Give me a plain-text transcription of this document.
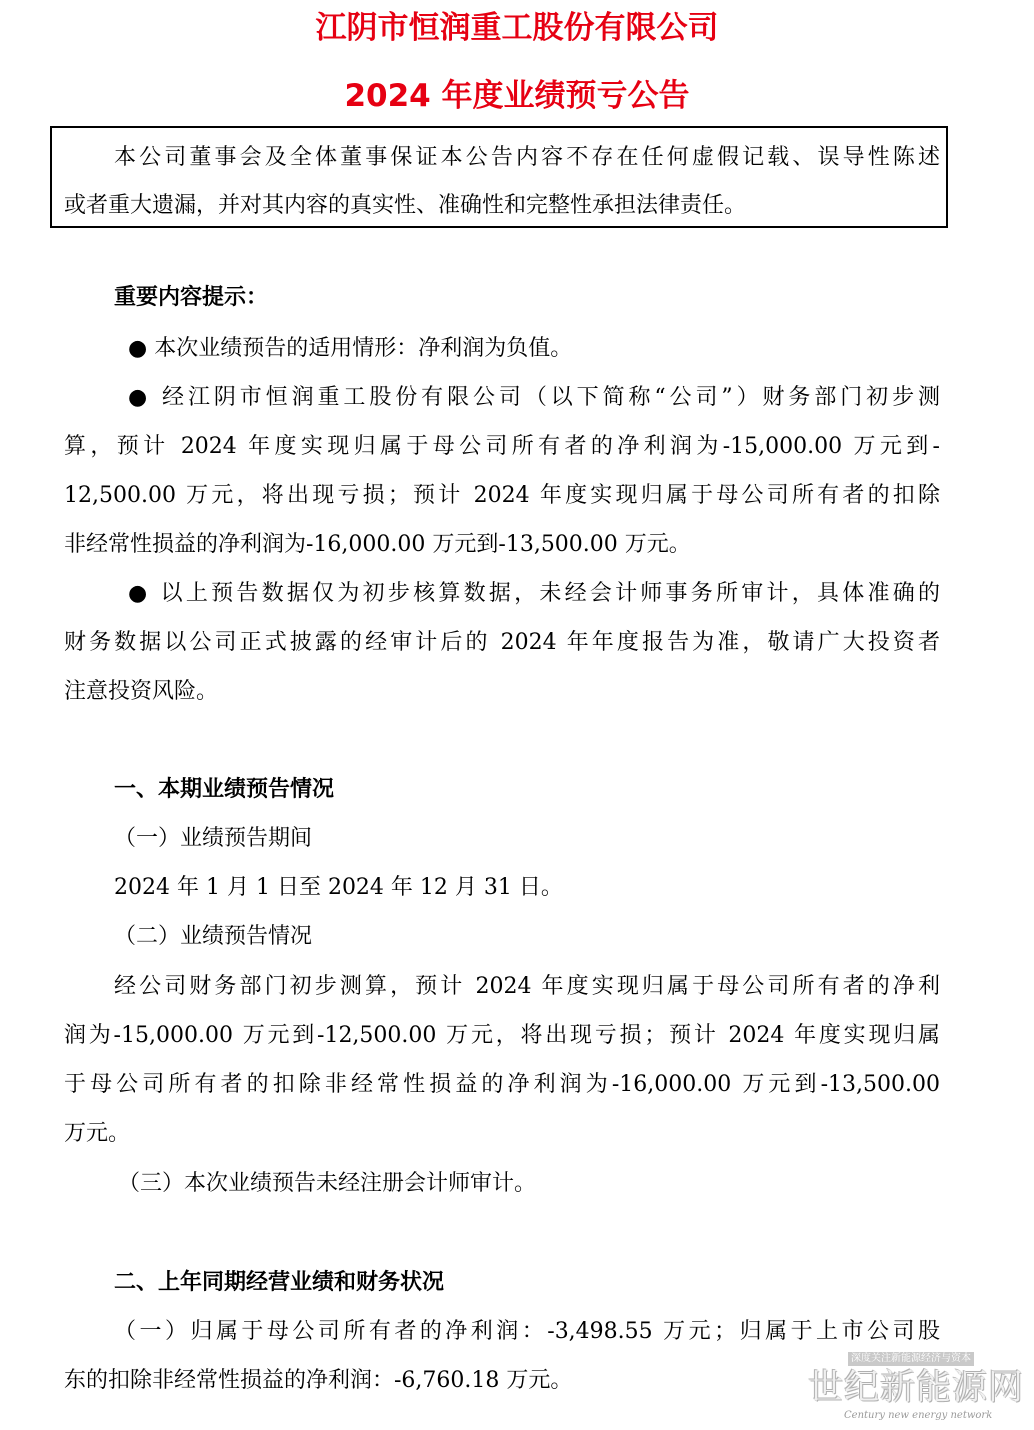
江阴市恒润重工股份有限公司
2024 年度业绩预亏公告
本公司董事会及全体董事保证本公告内容不存在任何虚假记载、误导性陈述
或者重大遗漏，并对其内容的真实性、准确性和完整性承担法律责任。
重要内容提示：
● 本次业绩预告的适用情形：净利润为负值。
● 经江阴市恒润重工股份有限公司（以下简称“公司”）财务部门初步测
算，预计 2024 年度实现归属于母公司所有者的净利润为-15,000.00 万元到-
12,500.00 万元，将出现亏损；预计 2024 年度实现归属于母公司所有者的扣除
非经常性损益的净利润为-16,000.00 万元到-13,500.00 万元。
● 以上预告数据仅为初步核算数据，未经会计师事务所审计，具体准确的
财务数据以公司正式披露的经审计后的 2024 年年度报告为准，敬请广大投资者
注意投资风险。
一、本期业绩预告情况
（一）业绩预告期间
2024 年 1 月 1 日至 2024 年 12 月 31 日。
（二）业绩预告情况
经公司财务部门初步测算，预计 2024 年度实现归属于母公司所有者的净利
润为-15,000.00 万元到-12,500.00 万元，将出现亏损；预计 2024 年度实现归属
于母公司所有者的扣除非经常性损益的净利润为-16,000.00 万元到-13,500.00
万元。
（三）本次业绩预告未经注册会计师审计。
二、上年同期经营业绩和财务状况
（一）归属于母公司所有者的净利润：-3,498.55 万元；归属于上市公司股
东的扣除非经常性损益的净利润：-6,760.18 万元。
深度关注新能源经济与资本
世纪新能源网
Century new energy network
